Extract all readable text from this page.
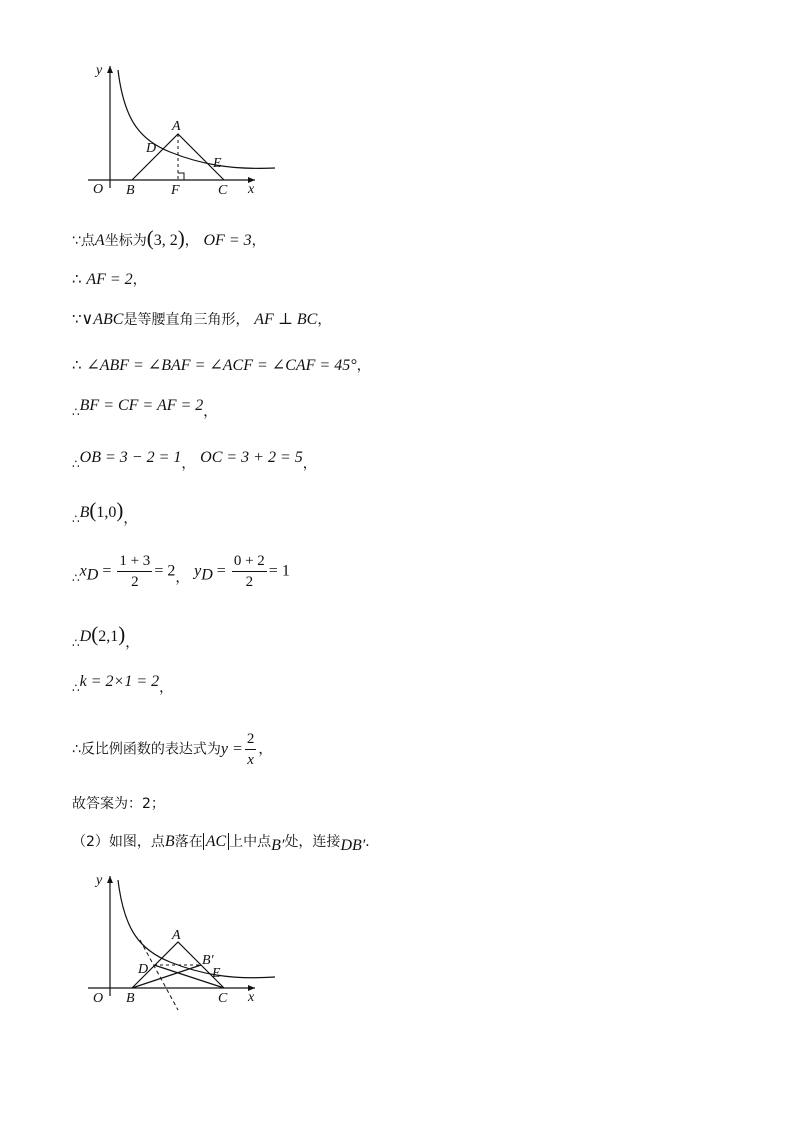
y
x
O
A
B	C
D
E
F
∵点A坐标为(3, 2)， OF = 3，
∴ AF = 2，
∵∨ABC是等腰直角三角形， AF ⊥ BC，
∴ ∠ABF = ∠BAF = ∠ACF = ∠CAF = 45°，
$_\therefore$BF = CF = AF = 2，
$_\therefore$OB = 3 − 2 = 1， OC = 3 + 2 = 5，
$_\therefore$B(1,0)，
$_\therefore x_D = \frac{1 + 3}{2} = 2$， $y_D = \frac{0 + 2}{2} = 1$
$_\therefore$D(2,1)，
$_\therefore$k = 2×1 = 2，
∴反比例函数的表达式为$y = \frac{2}{x}$ ，
故答案为：2；
（2）如图，点B落在 AC 上中点B′处，连接DB′．
y
x
O
A
B	C
D	E
B′
